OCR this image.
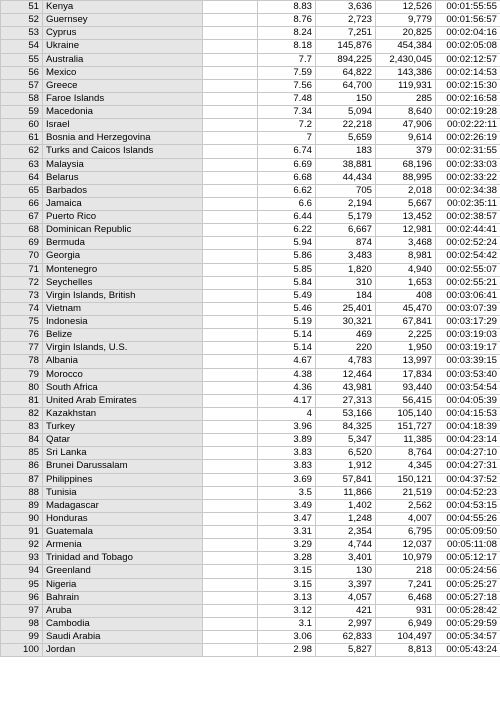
51	Kenya		8.83	3,636	12,526	00:01:55:55
52	Guernsey		8.76	2,723	9,779	00:01:56:57
53	Cyprus		8.24	7,251	20,825	00:02:04:16
54	Ukraine		8.18	145,876	454,384	00:02:05:08
55	Australia		7.7	894,225	2,430,045	00:02:12:57
56	Mexico		7.59	64,822	143,386	00:02:14:53
57	Greece		7.56	64,700	119,931	00:02:15:30
58	Faroe Islands		7.48	150	285	00:02:16:58
59	Macedonia		7.34	5,094	8,640	00:02:19:28
60	Israel		7.2	22,218	47,906	00:02:22:11
61	Bosnia and Herzegovina		7	5,659	9,614	00:02:26:19
62	Turks and Caicos Islands		6.74	183	379	00:02:31:55
63	Malaysia		6.69	38,881	68,196	00:02:33:03
64	Belarus		6.68	44,434	88,995	00:02:33:22
65	Barbados		6.62	705	2,018	00:02:34:38
66	Jamaica		6.6	2,194	5,667	00:02:35:11
67	Puerto Rico		6.44	5,179	13,452	00:02:38:57
68	Dominican Republic		6.22	6,667	12,981	00:02:44:41
69	Bermuda		5.94	874	3,468	00:02:52:24
70	Georgia		5.86	3,483	8,981	00:02:54:42
71	Montenegro		5.85	1,820	4,940	00:02:55:07
72	Seychelles		5.84	310	1,653	00:02:55:21
73	Virgin Islands, British		5.49	184	408	00:03:06:41
74	Vietnam		5.46	25,401	45,470	00:03:07:39
75	Indonesia		5.19	30,321	67,841	00:03:17:29
76	Belize		5.14	469	2,225	00:03:19:03
77	Virgin Islands, U.S.		5.14	220	1,950	00:03:19:17
78	Albania		4.67	4,783	13,997	00:03:39:15
79	Morocco		4.38	12,464	17,834	00:03:53:40
80	South Africa		4.36	43,981	93,440	00:03:54:54
81	United Arab Emirates		4.17	27,313	56,415	00:04:05:39
82	Kazakhstan		4	53,166	105,140	00:04:15:53
83	Turkey		3.96	84,325	151,727	00:04:18:39
84	Qatar		3.89	5,347	11,385	00:04:23:14
85	Sri Lanka		3.83	6,520	8,764	00:04:27:10
86	Brunei Darussalam		3.83	1,912	4,345	00:04:27:31
87	Philippines		3.69	57,841	150,121	00:04:37:52
88	Tunisia		3.5	11,866	21,519	00:04:52:23
89	Madagascar		3.49	1,402	2,562	00:04:53:15
90	Honduras		3.47	1,248	4,007	00:04:55:26
91	Guatemala		3.31	2,354	6,795	00:05:09:50
92	Armenia		3.29	4,744	12,037	00:05:11:08
93	Trinidad and Tobago		3.28	3,401	10,979	00:05:12:17
94	Greenland		3.15	130	218	00:05:24:56
95	Nigeria		3.15	3,397	7,241	00:05:25:27
96	Bahrain		3.13	4,057	6,468	00:05:27:18
97	Aruba		3.12	421	931	00:05:28:42
98	Cambodia		3.1	2,997	6,949	00:05:29:59
99	Saudi Arabia		3.06	62,833	104,497	00:05:34:57
100	Jordan		2.98	5,827	8,813	00:05:43:24
